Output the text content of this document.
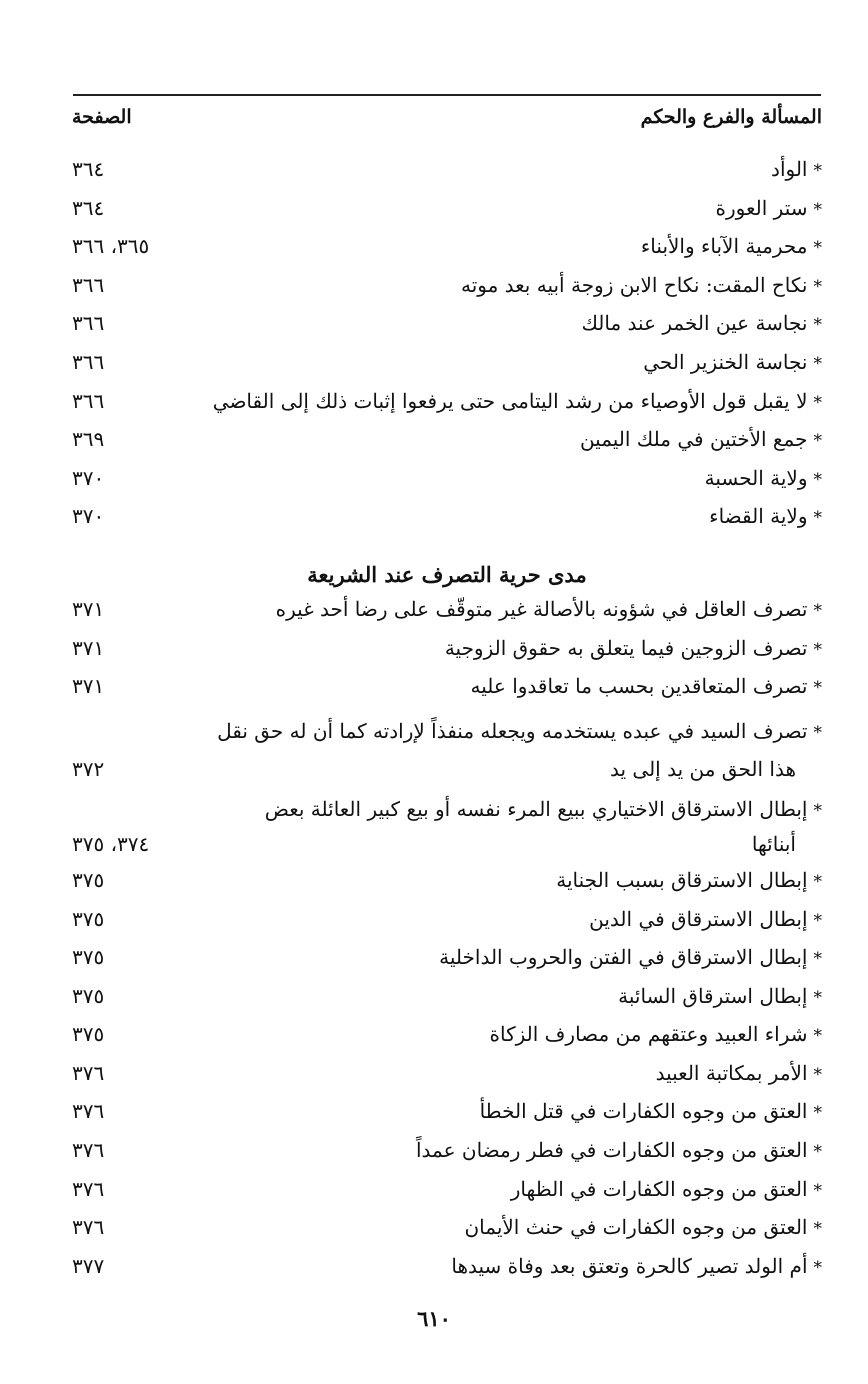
المسألة والفرع والحكم
الصفحة
*الوأد
٣٦٤
*ستر العورة
٣٦٤
*محرمية الآباء والأبناء
٣٦٥، ٣٦٦
*نكاح المقت: نكاح الابن زوجة أبيه بعد موته
٣٦٦
*نجاسة عين الخمر عند مالك
٣٦٦
*نجاسة الخنزير الحي
٣٦٦
*لا يقبل قول الأوصياء من رشد اليتامى حتى يرفعوا إثبات ذلك إلى القاضي
٣٦٦
*جمع الأختين في ملك اليمين
٣٦٩
*ولاية الحسبة
٣٧٠
*ولاية القضاء
٣٧٠
مدى حرية التصرف عند الشريعة
*تصرف العاقل في شؤونه بالأصالة غير متوقّف على رضا أحد غيره
٣٧١
*تصرف الزوجين فيما يتعلق به حقوق الزوجية
٣٧١
*تصرف المتعاقدين بحسب ما تعاقدوا عليه
٣٧١
*تصرف السيد في عبده يستخدمه ويجعله منفذاً لإرادته كما أن له حق نقل
هذا الحق من يد إلى يد
٣٧٢
*إبطال الاسترقاق الاختياري ببيع المرء نفسه أو بيع كبير العائلة بعض
أبنائها
٣٧٤، ٣٧٥
*إبطال الاسترقاق بسبب الجناية
٣٧٥
*إبطال الاسترقاق في الدين
٣٧٥
*إبطال الاسترقاق في الفتن والحروب الداخلية
٣٧٥
*إبطال استرقاق السائبة
٣٧٥
*شراء العبيد وعتقهم من مصارف الزكاة
٣٧٥
*الأمر بمكاتبة العبيد
٣٧٦
*العتق من وجوه الكفارات في قتل الخطأ
٣٧٦
*العتق من وجوه الكفارات في فطر رمضان عمداً
٣٧٦
*العتق من وجوه الكفارات في الظهار
٣٧٦
*العتق من وجوه الكفارات في حنث الأيمان
٣٧٦
*أم الولد تصير كالحرة وتعتق بعد وفاة سيدها
٣٧٧
٦١٠
